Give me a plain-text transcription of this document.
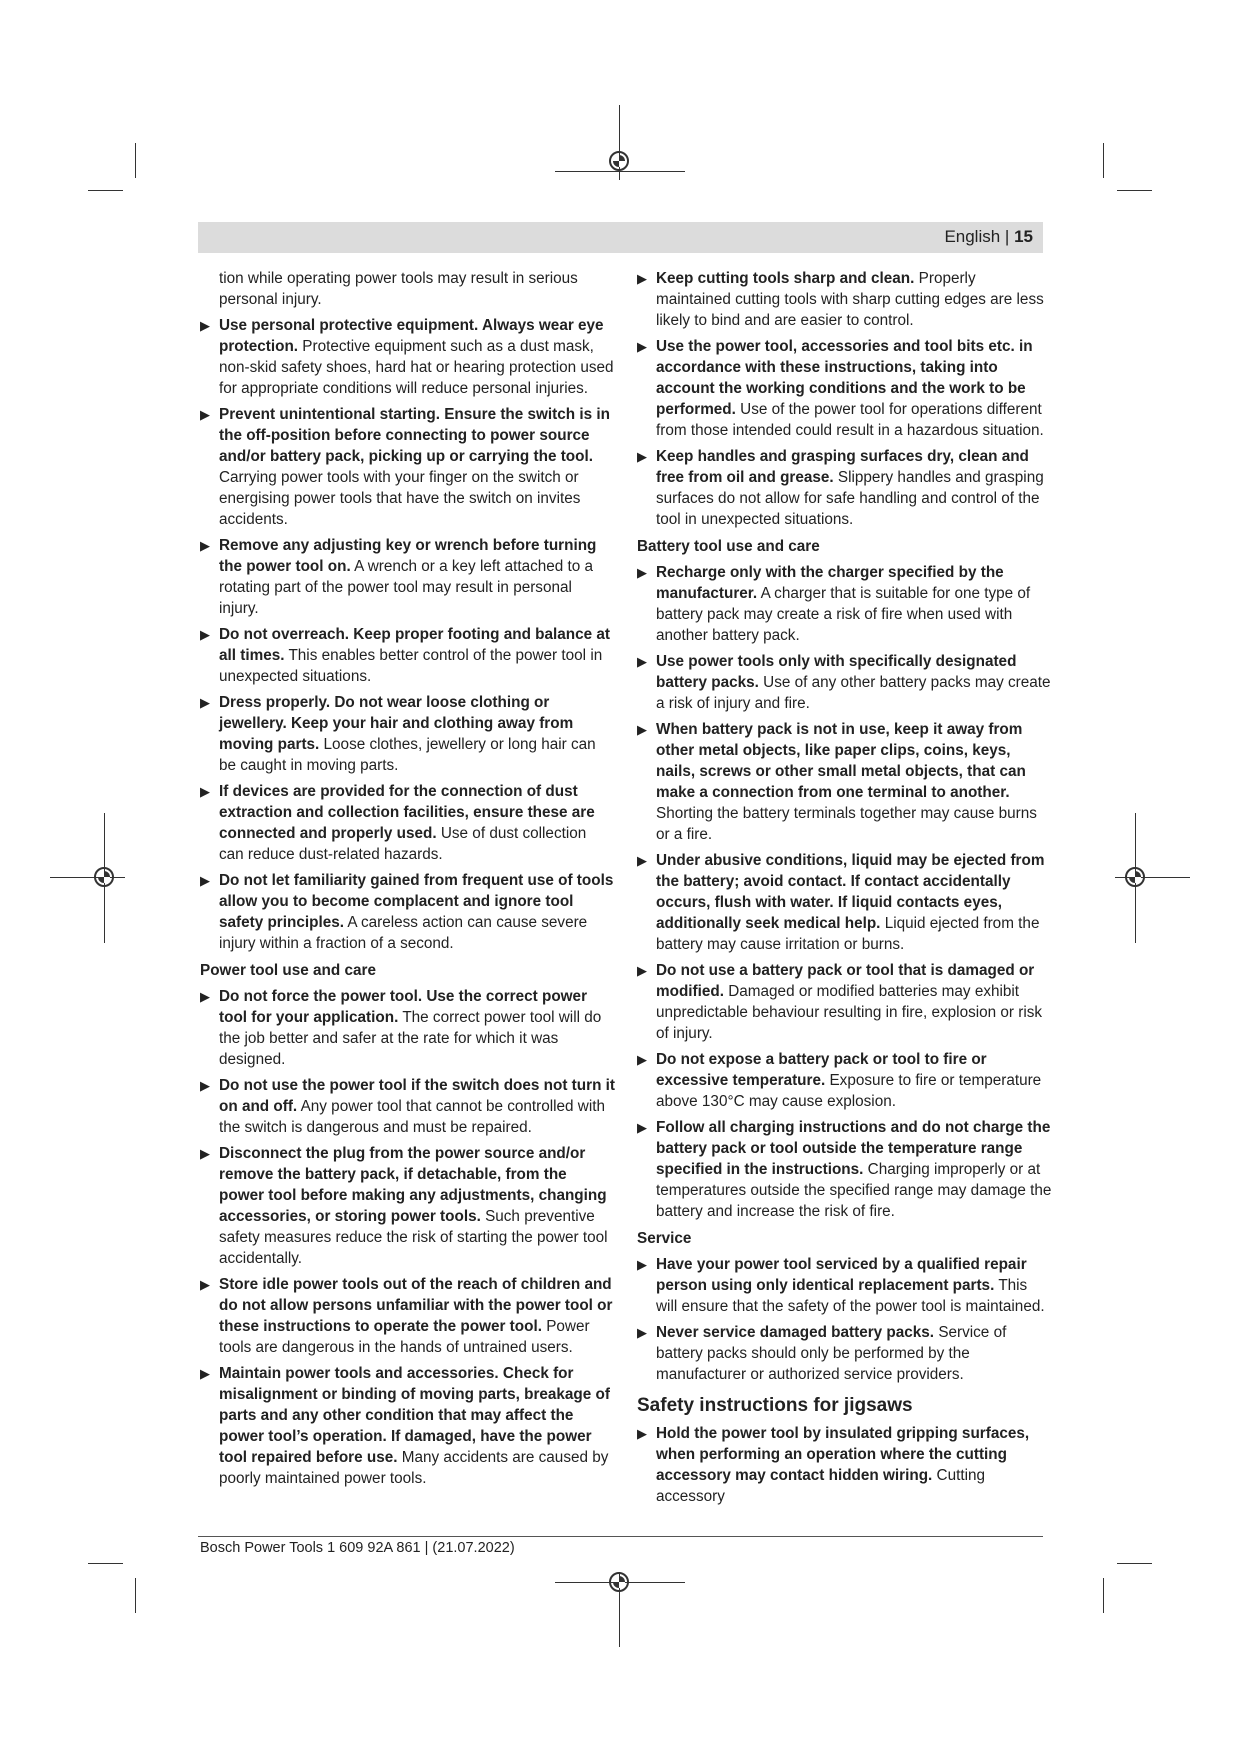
English | 15
tion while operating power tools may result in serious personal injury.
▶ Use personal protective equipment. Always wear eye protection. Protective equipment such as a dust mask, non-skid safety shoes, hard hat or hearing protection used for appropriate conditions will reduce personal injuries.
▶ Prevent unintentional starting. Ensure the switch is in the off-position before connecting to power source and/or battery pack, picking up or carrying the tool. Carrying power tools with your finger on the switch or energising power tools that have the switch on invites accidents.
▶ Remove any adjusting key or wrench before turning the power tool on. A wrench or a key left attached to a rotating part of the power tool may result in personal injury.
▶ Do not overreach. Keep proper footing and balance at all times. This enables better control of the power tool in unexpected situations.
▶ Dress properly. Do not wear loose clothing or jewellery. Keep your hair and clothing away from moving parts. Loose clothes, jewellery or long hair can be caught in moving parts.
▶ If devices are provided for the connection of dust extraction and collection facilities, ensure these are connected and properly used. Use of dust collection can reduce dust-related hazards.
▶ Do not let familiarity gained from frequent use of tools allow you to become complacent and ignore tool safety principles. A careless action can cause severe injury within a fraction of a second.
Power tool use and care
▶ Do not force the power tool. Use the correct power tool for your application. The correct power tool will do the job better and safer at the rate for which it was designed.
▶ Do not use the power tool if the switch does not turn it on and off. Any power tool that cannot be controlled with the switch is dangerous and must be repaired.
▶ Disconnect the plug from the power source and/or remove the battery pack, if detachable, from the power tool before making any adjustments, changing accessories, or storing power tools. Such preventive safety measures reduce the risk of starting the power tool accidentally.
▶ Store idle power tools out of the reach of children and do not allow persons unfamiliar with the power tool or these instructions to operate the power tool. Power tools are dangerous in the hands of untrained users.
▶ Maintain power tools and accessories. Check for misalignment or binding of moving parts, breakage of parts and any other condition that may affect the power tool’s operation. If damaged, have the power tool repaired before use. Many accidents are caused by poorly maintained power tools.
▶ Keep cutting tools sharp and clean. Properly maintained cutting tools with sharp cutting edges are less likely to bind and are easier to control.
▶ Use the power tool, accessories and tool bits etc. in accordance with these instructions, taking into account the working conditions and the work to be performed. Use of the power tool for operations different from those intended could result in a hazardous situation.
▶ Keep handles and grasping surfaces dry, clean and free from oil and grease. Slippery handles and grasping surfaces do not allow for safe handling and control of the tool in unexpected situations.
Battery tool use and care
▶ Recharge only with the charger specified by the manufacturer. A charger that is suitable for one type of battery pack may create a risk of fire when used with another battery pack.
▶ Use power tools only with specifically designated battery packs. Use of any other battery packs may create a risk of injury and fire.
▶ When battery pack is not in use, keep it away from other metal objects, like paper clips, coins, keys, nails, screws or other small metal objects, that can make a connection from one terminal to another. Shorting the battery terminals together may cause burns or a fire.
▶ Under abusive conditions, liquid may be ejected from the battery; avoid contact. If contact accidentally occurs, flush with water. If liquid contacts eyes, additionally seek medical help. Liquid ejected from the battery may cause irritation or burns.
▶ Do not use a battery pack or tool that is damaged or modified. Damaged or modified batteries may exhibit unpredictable behaviour resulting in fire, explosion or risk of injury.
▶ Do not expose a battery pack or tool to fire or excessive temperature. Exposure to fire or temperature above 130°C may cause explosion.
▶ Follow all charging instructions and do not charge the battery pack or tool outside the temperature range specified in the instructions. Charging improperly or at temperatures outside the specified range may damage the battery and increase the risk of fire.
Service
▶ Have your power tool serviced by a qualified repair person using only identical replacement parts. This will ensure that the safety of the power tool is maintained.
▶ Never service damaged battery packs. Service of battery packs should only be performed by the manufacturer or authorized service providers.
Safety instructions for jigsaws
▶ Hold the power tool by insulated gripping surfaces, when performing an operation where the cutting accessory may contact hidden wiring. Cutting accessory
Bosch Power Tools 1 609 92A 861 | (21.07.2022)
